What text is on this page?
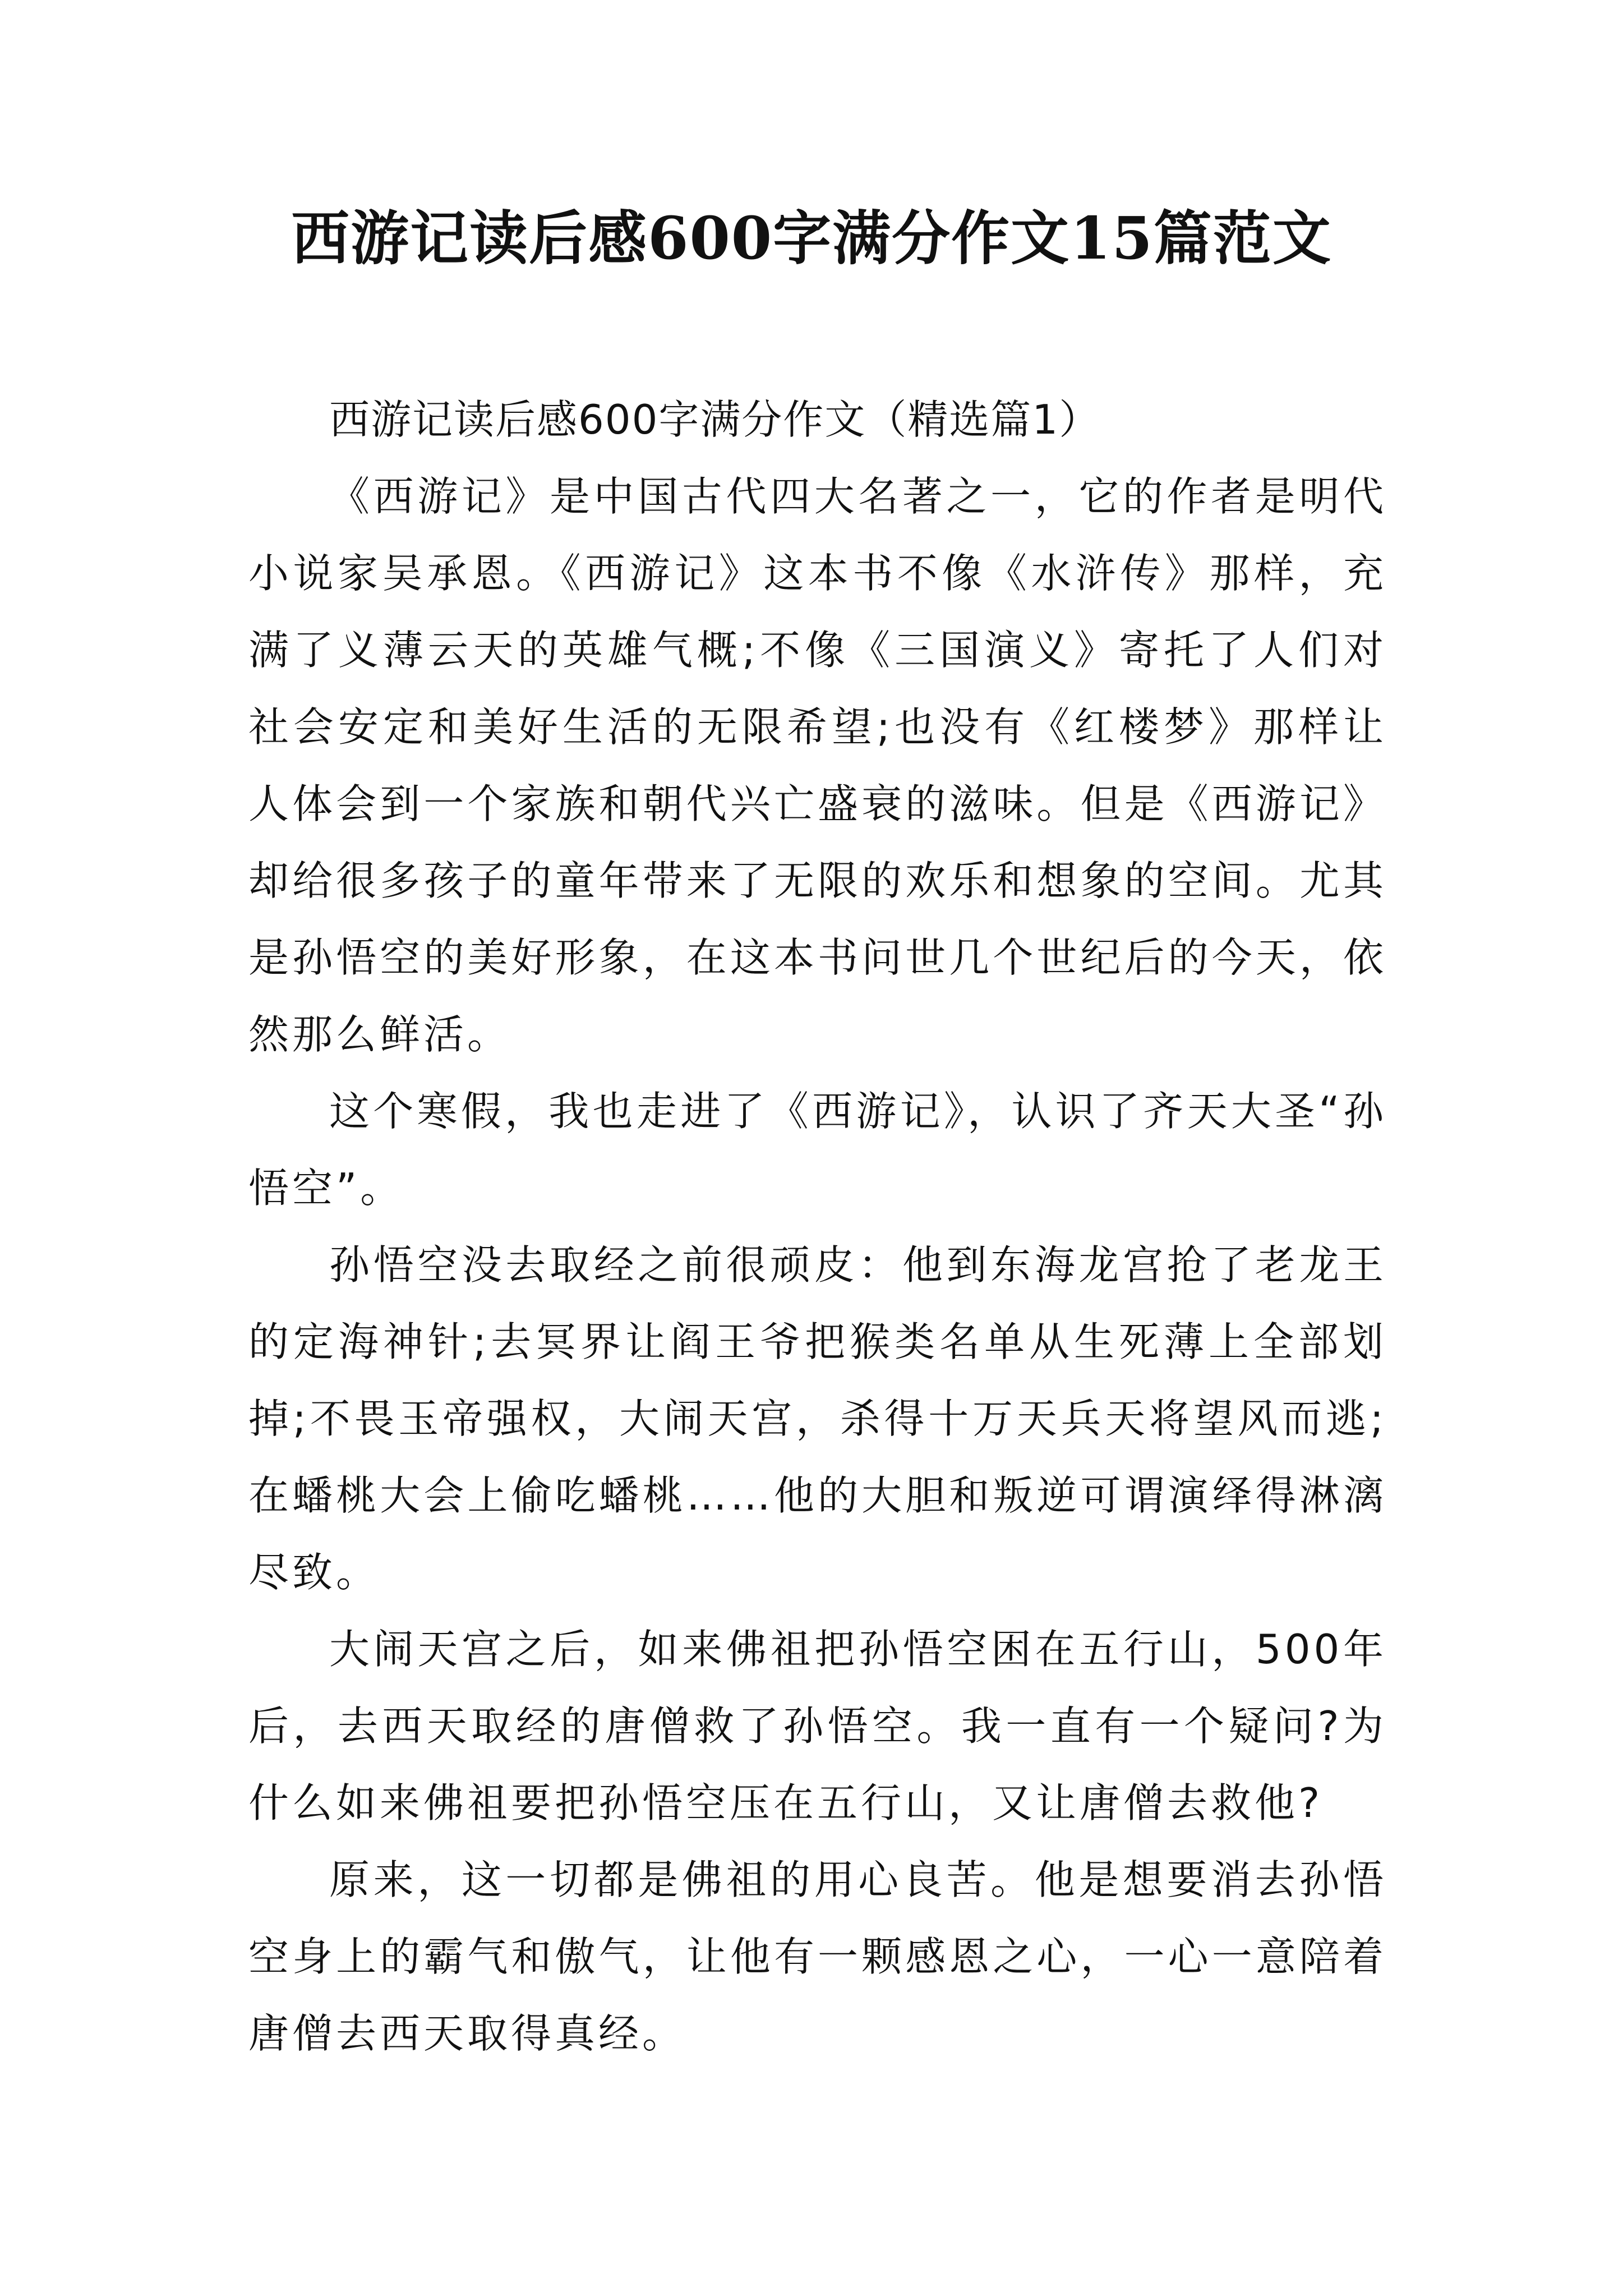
西游记读后感600字满分作文15篇范文

西游记读后感600字满分作文（精选篇1）

《西游记》是中国古代四大名著之一，它的作者是明代小说家吴承恩。《西游记》这本书不像《水浒传》那样，充满了义薄云天的英雄气概;不像《三国演义》寄托了人们对社会安定和美好生活的无限希望;也没有《红楼梦》那样让人体会到一个家族和朝代兴亡盛衰的滋味。但是《西游记》却给很多孩子的童年带来了无限的欢乐和想象的空间。尤其是孙悟空的美好形象，在这本书问世几个世纪后的今天，依然那么鲜活。

这个寒假，我也走进了《西游记》，认识了齐天大圣“孙悟空”。

孙悟空没去取经之前很顽皮：他到东海龙宫抢了老龙王的定海神针;去冥界让阎王爷把猴类名单从生死薄上全部划掉;不畏玉帝强权，大闹天宫，杀得十万天兵天将望风而逃;在蟠桃大会上偷吃蟠桃……他的大胆和叛逆可谓演绎得淋漓尽致。

大闹天宫之后，如来佛祖把孙悟空困在五行山，500年后，去西天取经的唐僧救了孙悟空。我一直有一个疑问?为什么如来佛祖要把孙悟空压在五行山，又让唐僧去救他?

原来，这一切都是佛祖的用心良苦。他是想要消去孙悟空身上的霸气和傲气，让他有一颗感恩之心，一心一意陪着唐僧去西天取得真经。
